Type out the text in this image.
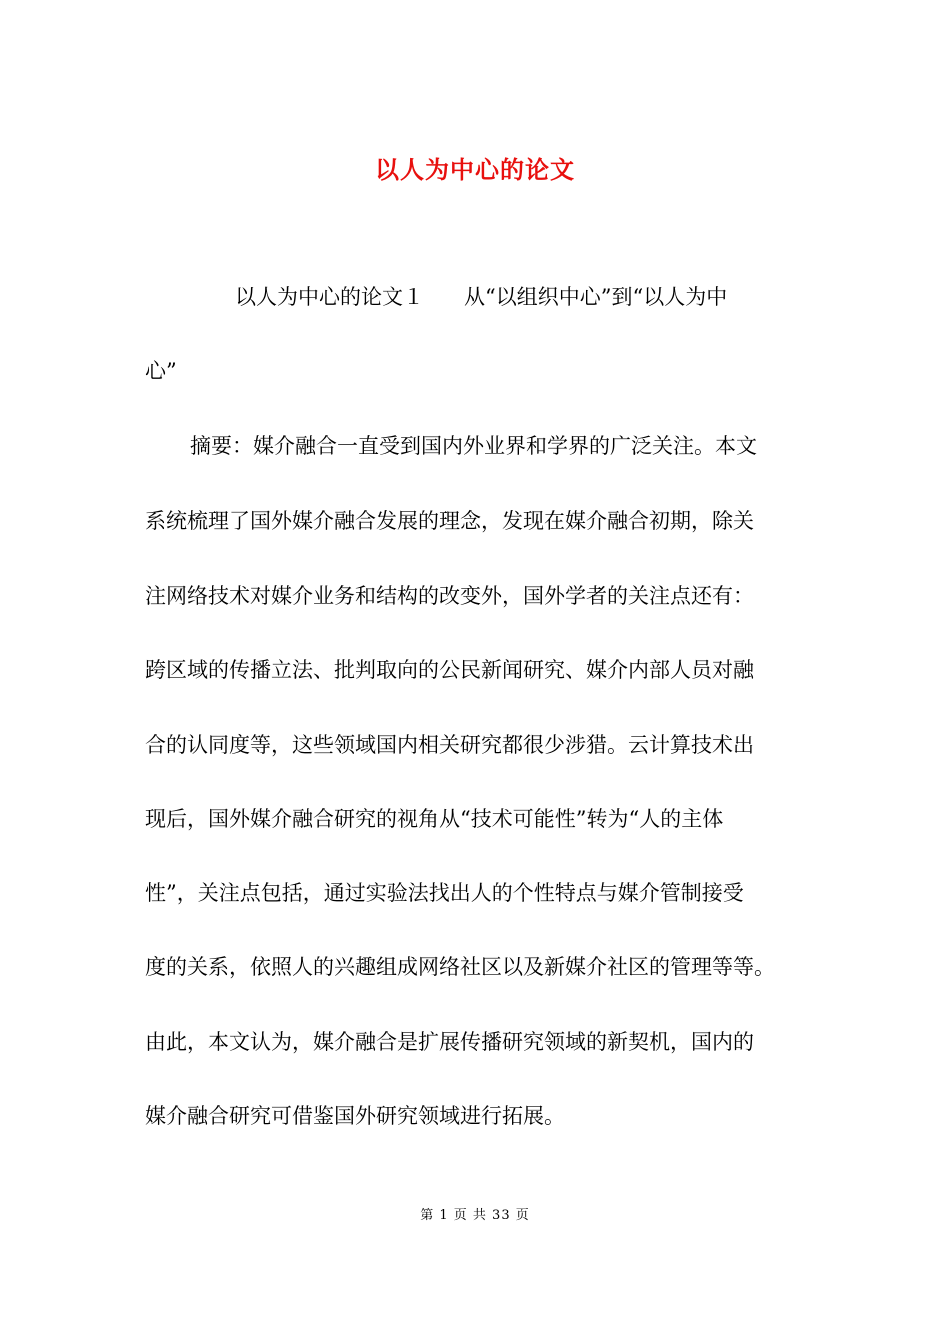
以人为中心的论文
以人为中心的论文１ 从“以组织中心”到“以人为中
心”
摘要：媒介融合一直受到国内外业界和学界的广泛关注。本文
系统梳理了国外媒介融合发展的理念，发现在媒介融合初期，除关
注网络技术对媒介业务和结构的改变外，国外学者的关注点还有：
跨区域的传播立法、批判取向的公民新闻研究、媒介内部人员对融
合的认同度等，这些领域国内相关研究都很少涉猎。云计算技术出
现后，国外媒介融合研究的视角从“技术可能性”转为“人的主体
性”，关注点包括，通过实验法找出人的个性特点与媒介管制接受
度的关系，依照人的兴趣组成网络社区以及新媒介社区的管理等等。
由此，本文认为，媒介融合是扩展传播研究领域的新契机，国内的
媒介融合研究可借鉴国外研究领域进行拓展。
第 1 页 共 33 页
